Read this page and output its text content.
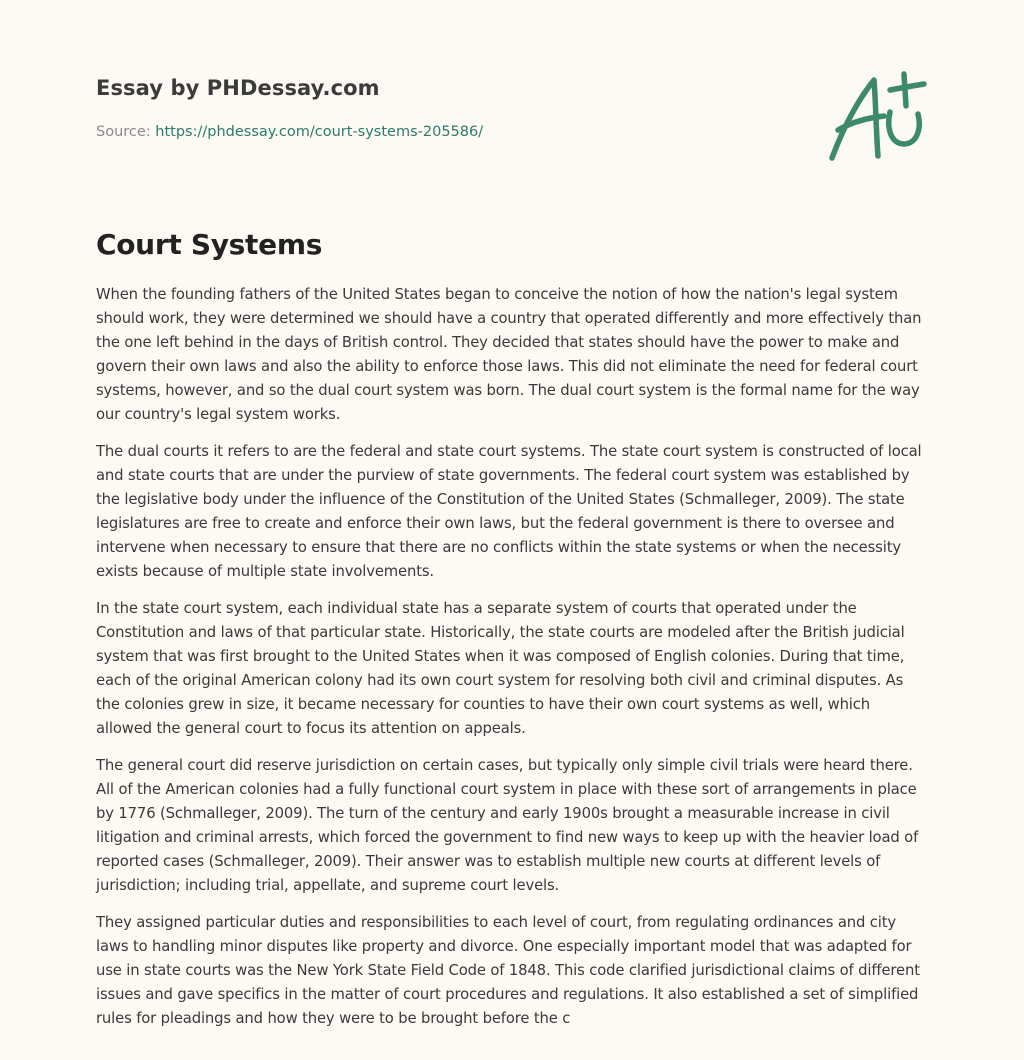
Essay by PHDessay.com
Source: https://phdessay.com/court-systems-205586/
Court Systems

When the founding fathers of the United States began to conceive the notion of how the nation's legal system should work, they were determined we should have a country that operated differently and more effectively than the one left behind in the days of British control. They decided that states should have the power to make and govern their own laws and also the ability to enforce those laws. This did not eliminate the need for federal court systems, however, and so the dual court system was born. The dual court system is the formal name for the way our country's legal system works.

The dual courts it refers to are the federal and state court systems. The state court system is constructed of local and state courts that are under the purview of state governments. The federal court system was established by the legislative body under the influence of the Constitution of the United States (Schmalleger, 2009). The state legislatures are free to create and enforce their own laws, but the federal government is there to oversee and intervene when necessary to ensure that there are no conflicts within the state systems or when the necessity exists because of multiple state involvements.

In the state court system, each individual state has a separate system of courts that operated under the Constitution and laws of that particular state. Historically, the state courts are modeled after the British judicial system that was first brought to the United States when it was composed of English colonies. During that time, each of the original American colony had its own court system for resolving both civil and criminal disputes. As the colonies grew in size, it became necessary for counties to have their own court systems as well, which allowed the general court to focus its attention on appeals.

The general court did reserve jurisdiction on certain cases, but typically only simple civil trials were heard there. All of the American colonies had a fully functional court system in place with these sort of arrangements in place by 1776 (Schmalleger, 2009). The turn of the century and early 1900s brought a measurable increase in civil litigation and criminal arrests, which forced the government to find new ways to keep up with the heavier load of reported cases (Schmalleger, 2009). Their answer was to establish multiple new courts at different levels of jurisdiction; including trial, appellate, and supreme court levels.

They assigned particular duties and responsibilities to each level of court, from regulating ordinances and city laws to handling minor disputes like property and divorce. One especially important model that was adapted for use in state courts was the New York State Field Code of 1848. This code clarified jurisdictional claims of different issues and gave specifics in the matter of court procedures and regulations. It also established a set of simplified rules for pleadings and how they were to be brought before the c
